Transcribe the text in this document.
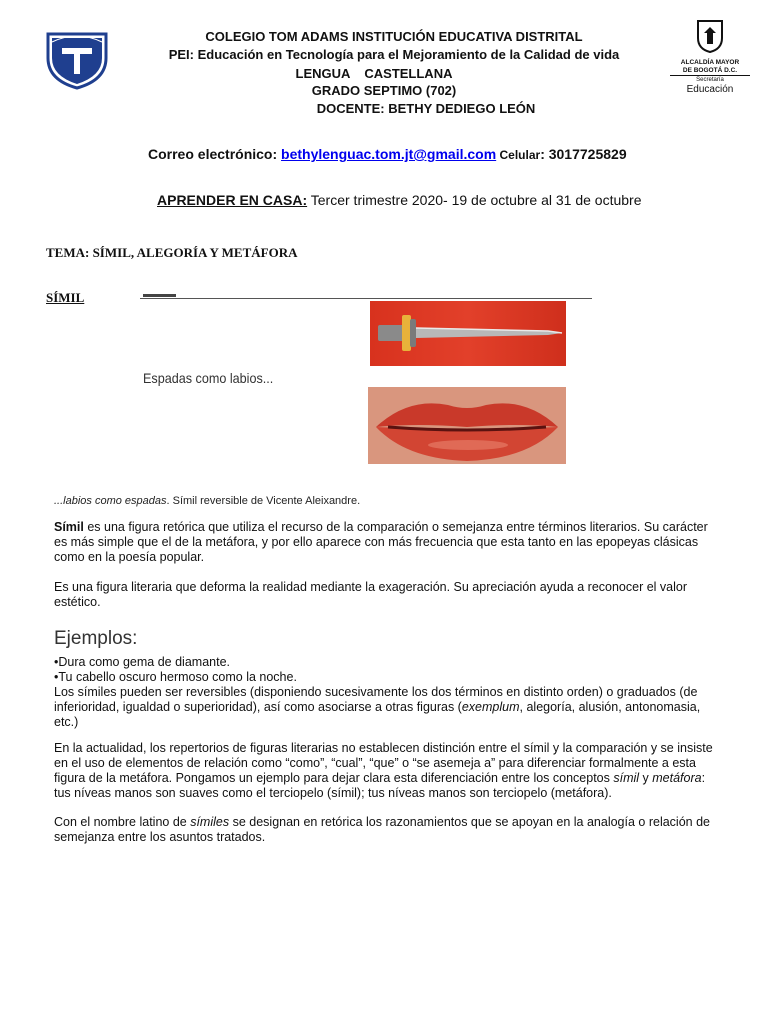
ALCALDÍA MAYOR
DE BOGOTÁ D.C.
Secretaría
Educación
COLEGIO TOM ADAMS INSTITUCIÓN EDUCATIVA DISTRITAL
PEI: Educación en Tecnología para el Mejoramiento de la Calidad de vida
LENGUA    CASTELLANA
GRADO SEPTIMO (702)
DOCENTE: BETHY DEDIEGO LEÓN
Correo electrónico: bethylenguac.tom.jt@gmail.com Celular: 3017725829
APRENDER EN CASA: Tercer trimestre 2020- 19 de octubre al 31 de octubre
TEMA: SÍMIL, ALEGORÍA Y METÁFORA
SÍMIL
Espadas como labios...
...labios como espadas. Símil reversible de Vicente Aleixandre.
Símil es una figura retórica que utiliza el recurso de la comparación o semejanza entre términos literarios. Su carácter es más simple que el de la metáfora, y por ello aparece con más frecuencia que esta tanto en las epopeyas clásicas como en la poesía popular.
Es una figura literaria que deforma la realidad mediante la exageración. Su apreciación ayuda a reconocer el valor estético.
Ejemplos:
•Dura como gema de diamante.
•Tu cabello oscuro hermoso como la noche.
Los símiles pueden ser reversibles (disponiendo sucesivamente los dos términos en distinto orden) o graduados (de inferioridad, igualdad o superioridad), así como asociarse a otras figuras (exemplum, alegoría, alusión, antonomasia, etc.)
En la actualidad, los repertorios de figuras literarias no establecen distinción entre el símil y la comparación y se insiste en el uso de elementos de relación como “como”, “cual”, “que” o “se asemeja a” para diferenciar formalmente a esta figura de la metáfora. Pongamos un ejemplo para dejar clara esta diferenciación entre los conceptos símil y metáfora: tus níveas manos son suaves como el terciopelo (símil); tus níveas manos son terciopelo (metáfora).
Con el nombre latino de símiles se designan en retórica los razonamientos que se apoyan en la analogía o relación de semejanza entre los asuntos tratados.
